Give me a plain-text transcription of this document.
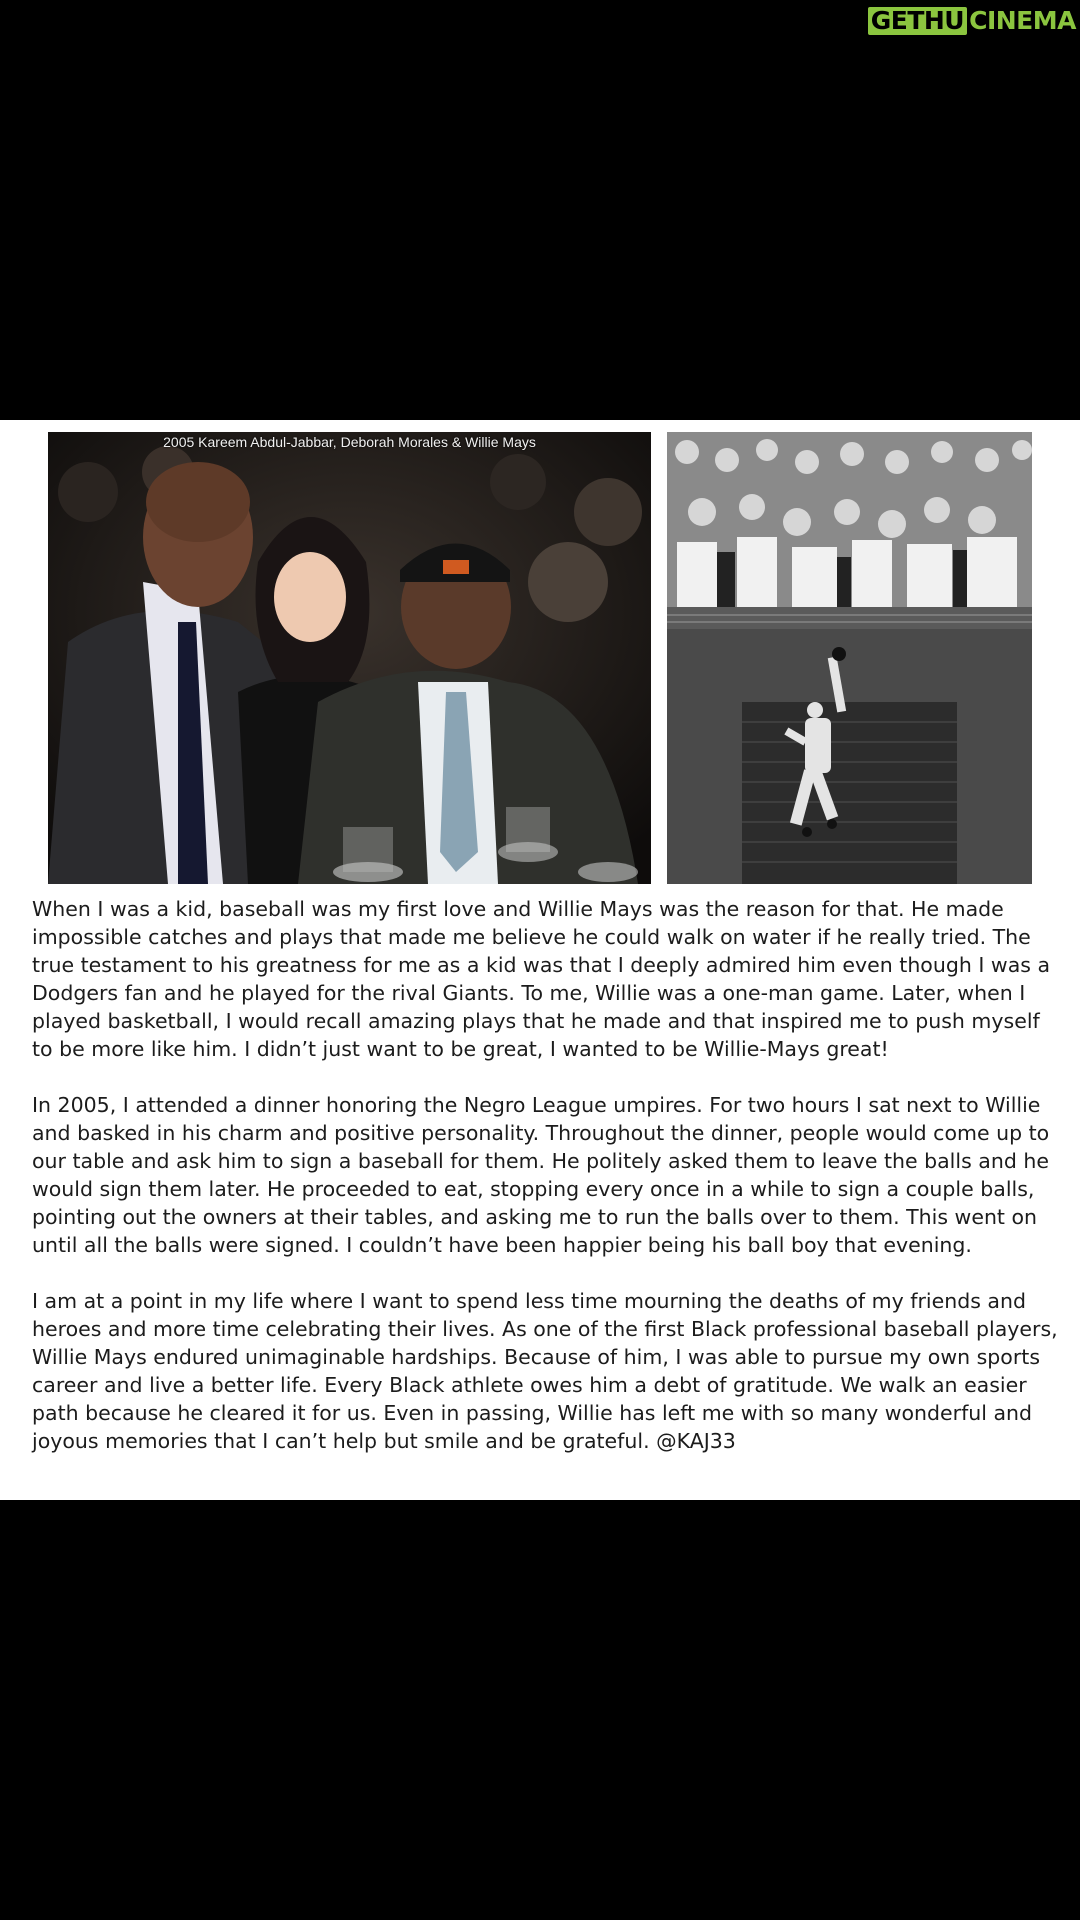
GETHU CINEMA
2005 Kareem Abdul-Jabbar, Deborah Morales & Willie Mays

When I was a kid, baseball was my first love and Willie Mays was the reason for that. He made impossible catches and plays that made me believe he could walk on water if he really tried. The true testament to his greatness for me as a kid was that I deeply admired him even though I was a Dodgers fan and he played for the rival Giants. To me, Willie was a one-man game. Later, when I played basketball, I would recall amazing plays that he made and that inspired me to push myself to be more like him. I didn’t just want to be great, I wanted to be Willie-Mays great!

In 2005, I attended a dinner honoring the Negro League umpires. For two hours I sat next to Willie and basked in his charm and positive personality. Throughout the dinner, people would come up to our table and ask him to sign a baseball for them. He politely asked them to leave the balls and he would sign them later. He proceeded to eat, stopping every once in a while to sign a couple balls, pointing out the owners at their tables, and asking me to run the balls over to them. This went on until all the balls were signed. I couldn’t have been happier being his ball boy that evening.

I am at a point in my life where I want to spend less time mourning the deaths of my friends and heroes and more time celebrating their lives. As one of the first Black professional baseball players, Willie Mays endured unimaginable hardships. Because of him, I was able to pursue my own sports career and live a better life. Every Black athlete owes him a debt of gratitude. We walk an easier path because he cleared it for us. Even in passing, Willie has left me with so many wonderful and joyous memories that I can’t help but smile and be grateful. @KAJ33
